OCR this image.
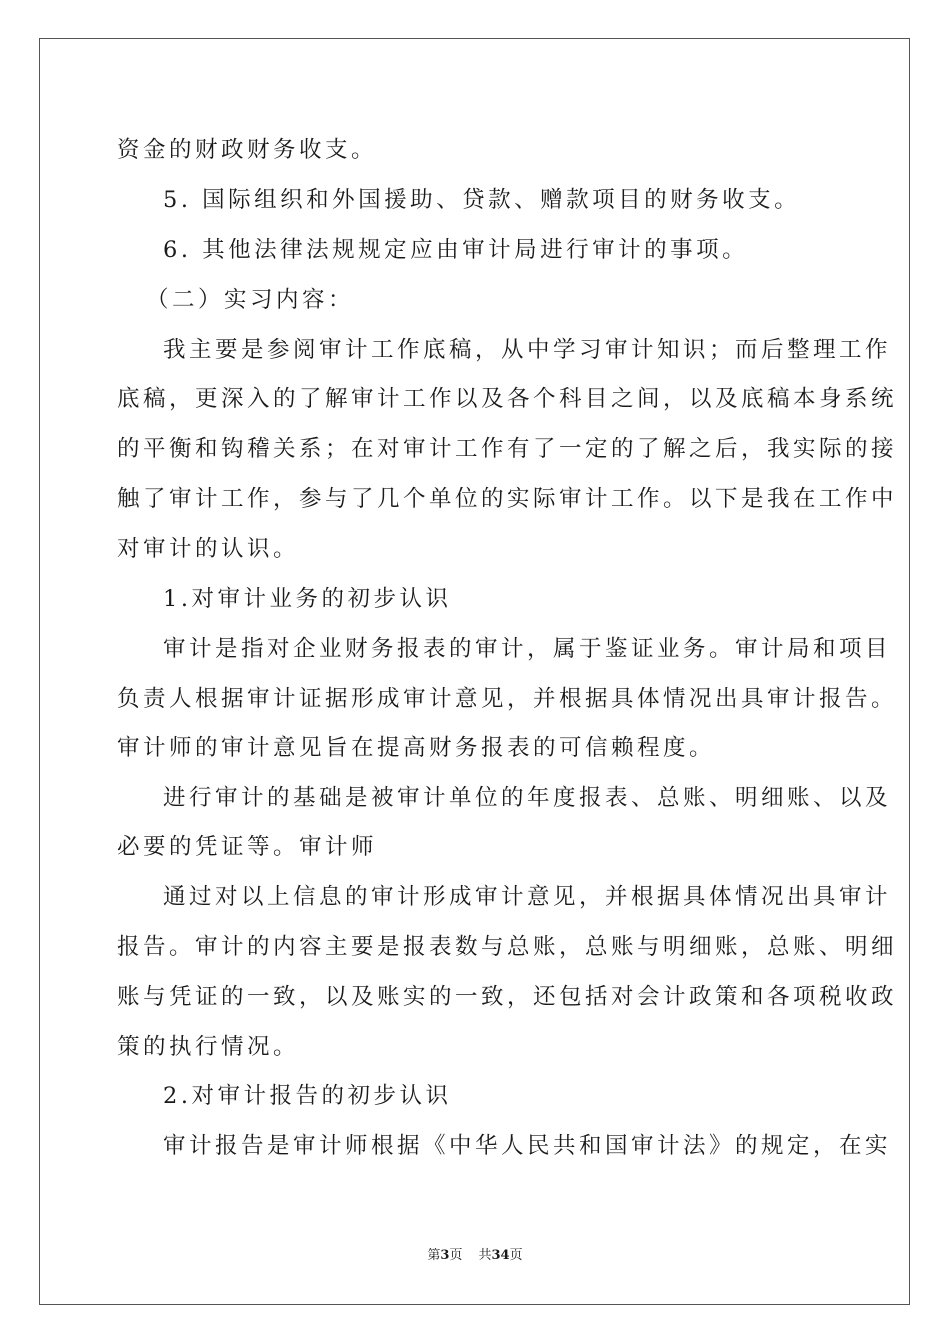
资金的财政财务收支。
5. 国际组织和外国援助、贷款、赠款项目的财务收支。
6. 其他法律法规规定应由审计局进行审计的事项。
（二）实习内容：
我主要是参阅审计工作底稿，从中学习审计知识；而后整理工作
底稿，更深入的了解审计工作以及各个科目之间，以及底稿本身系统
的平衡和钩稽关系；在对审计工作有了一定的了解之后，我实际的接
触了审计工作，参与了几个单位的实际审计工作。以下是我在工作中
对审计的认识。
1.对审计业务的初步认识
审计是指对企业财务报表的审计，属于鉴证业务。审计局和项目
负责人根据审计证据形成审计意见，并根据具体情况出具审计报告。
审计师的审计意见旨在提高财务报表的可信赖程度。
进行审计的基础是被审计单位的年度报表、总账、明细账、以及
必要的凭证等。审计师
通过对以上信息的审计形成审计意见，并根据具体情况出具审计
报告。审计的内容主要是报表数与总账，总账与明细账，总账、明细
账与凭证的一致，以及账实的一致，还包括对会计政策和各项税收政
策的执行情况。
2.对审计报告的初步认识
审计报告是审计师根据《中华人民共和国审计法》的规定，在实
第3页 共34页
